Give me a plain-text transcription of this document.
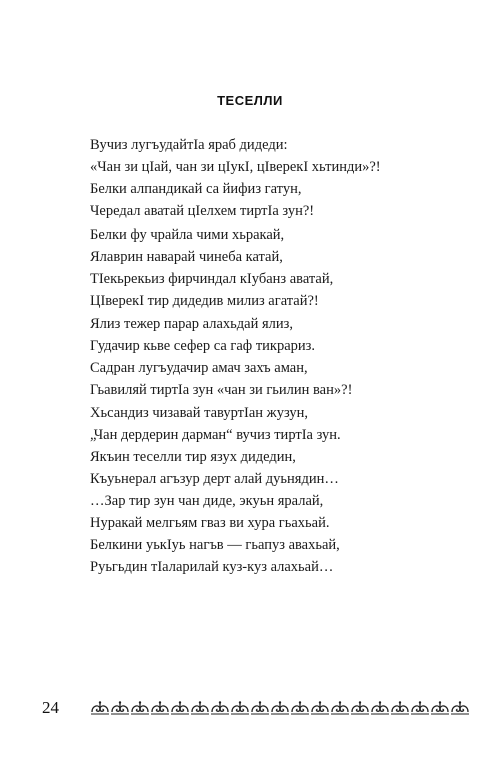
ТЕСЕЛЛИ
Вучиз лугъудайтӀа яраб дидеди:
«Чан зи цӀай, чан зи цӀукӀ, цӀверекӀ хьтинди»?!
Белки алпандикай са йифиз гатун,
Чередал аватай цӀелхем тиртӀа зун?!
Белки фу чрайла чими хьракай,
Ялаврин наварай чинеба катай,
ТӀекьрекьиз фирчиндал кӀубанз аватай,
ЦӀверекӀ тир дидедив милиз агатай?!
Ялиз тежер парар алахьдай ялиз,
Гудачир кьве сефер са гаф тикрариз.
Садран лугъудачир амач захъ аман,
Гьавиляй тиртӀа зун «чан зи гьилин ван»?!
Хьсандиз чизавай тавуртӀан жузун,
„Чан дердерин дарман“ вучиз тиртӀа зун.
Якъин теселли тир язух дидедин,
Къуьнерал агъзур дерт алай дуьнядин…
…Зар тир зун чан диде, экуьн яралай,
Нуракай мелгьям гваз ви хура гьахьай.
Белкини уькӀуь нагъв — гьапуз авахьай,
Руьгьдин тӀаларилай куз-куз алахьай…
24
